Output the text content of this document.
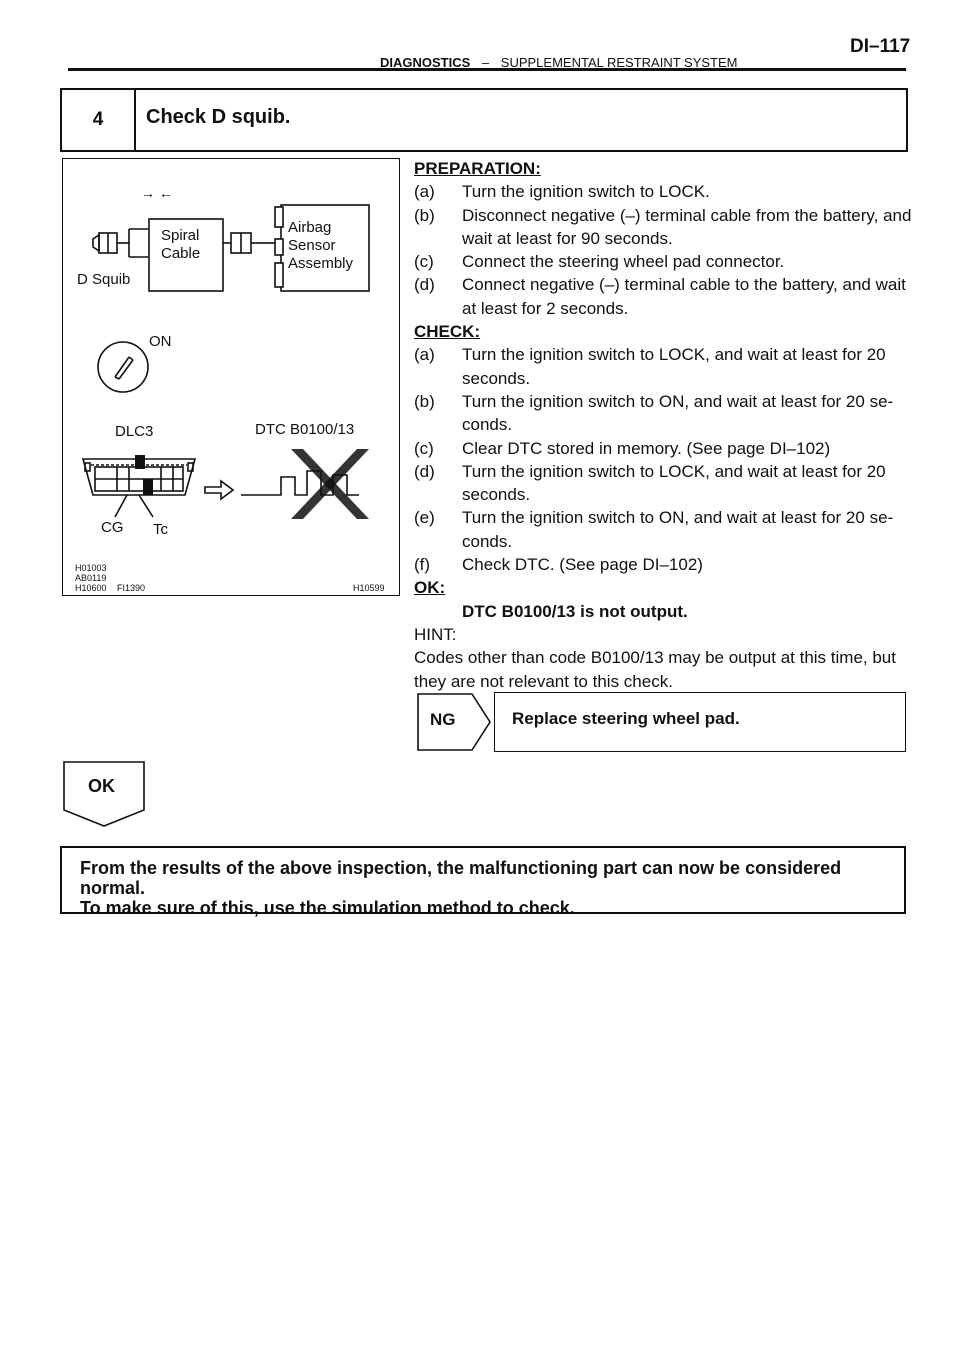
DI–117
DIAGNOSTICS – SUPPLEMENTAL RESTRAINT SYSTEM
4	Check D squib.
→ ←
Spiral
Cable
D Squib
Airbag
Sensor
Assembly
ON
DLC3	DTC B0100/13
CG Tc
H01003
AB0119
H10600 FI1390	H10599
PREPARATION:
(a)	Turn the ignition switch to LOCK.
(b)	Disconnect negative (–) terminal cable from the battery, and wait at least for 90 seconds.
(c)	Connect the steering wheel pad connector.
(d)	Connect negative (–) terminal cable to the battery, and wait at least for 2 seconds.
CHECK:
(a)	Turn the ignition switch to LOCK, and wait at least for 20 seconds.
(b)	Turn the ignition switch to ON, and wait at least for 20 se- conds.
(c)	Clear DTC stored in memory. (See page DI–102)
(d)	Turn the ignition switch to LOCK, and wait at least for 20 seconds.
(e)	Turn the ignition switch to ON, and wait at least for 20 se- conds.
(f)	Check DTC. (See page DI–102)
OK:
DTC B0100/13 is not output.
HINT:
Codes other than code B0100/13 may be output at this time, but they are not relevant to this check.
NG	Replace steering wheel pad.
OK
From the results of the above inspection, the malfunctioning part can now be considered normal.
To make sure of this, use the simulation method to check.
